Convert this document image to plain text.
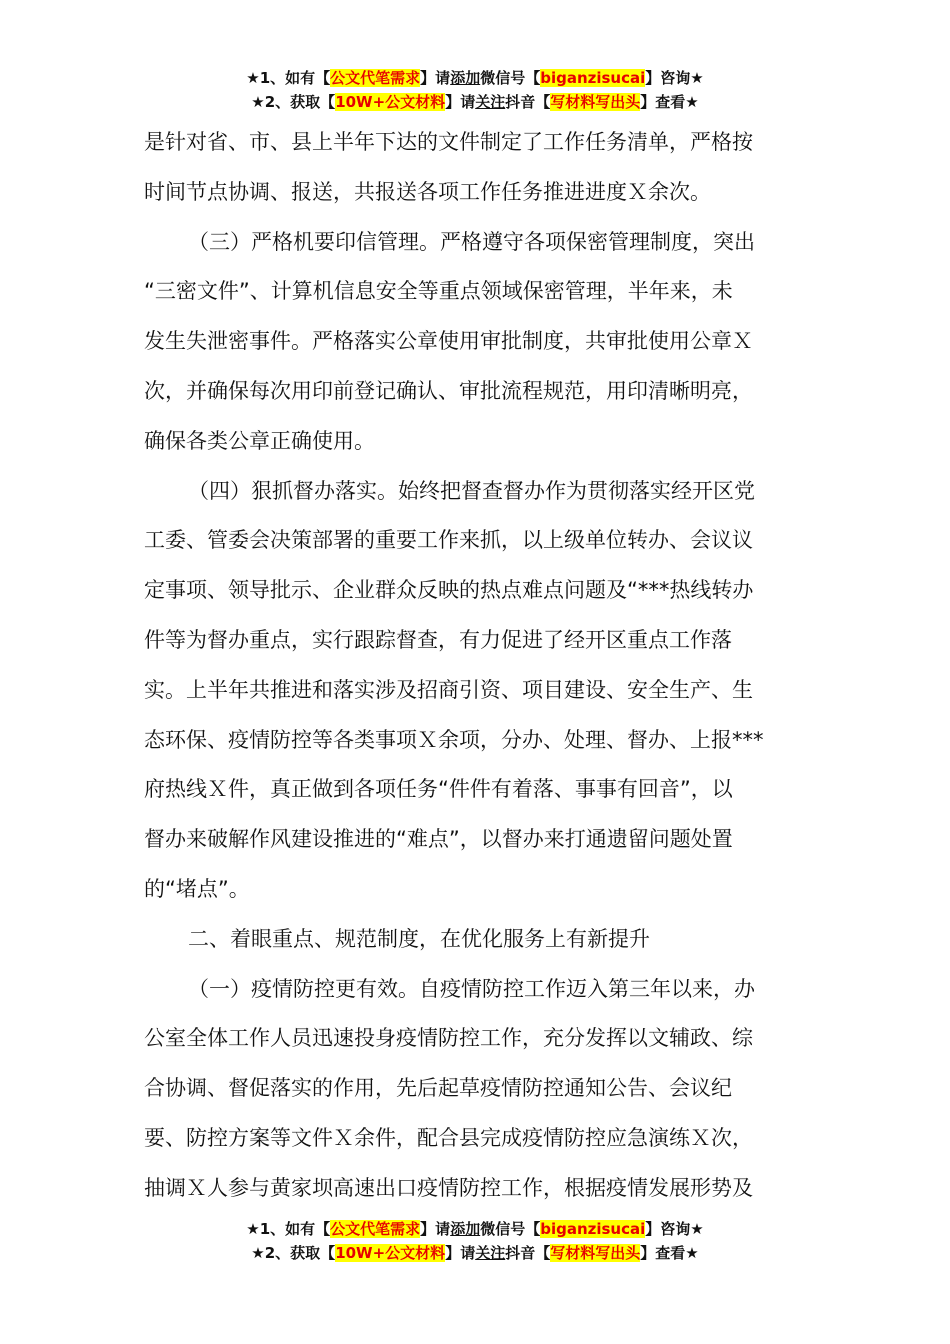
★1、如有【公文代笔需求】请添加微信号【biganzisucai】咨询★
★2、获取【10W+公文材料】请关注抖音【写材料写出头】查看★

是针对省、市、县上半年下达的文件制定了工作任务清单，严格按
时间节点协调、报送，共报送各项工作任务推进进度Ｘ余次。

（三）严格机要印信管理。严格遵守各项保密管理制度，突出
“三密文件”、计算机信息安全等重点领域保密管理，半年来，未
发生失泄密事件。严格落实公章使用审批制度，共审批使用公章Ｘ
次，并确保每次用印前登记确认、审批流程规范，用印清晰明亮，
确保各类公章正确使用。

（四）狠抓督办落实。始终把督查督办作为贯彻落实经开区党
工委、管委会决策部署的重要工作来抓，以上级单位转办、会议议
定事项、领导批示、企业群众反映的热点难点问题及“***热线转办
件等为督办重点，实行跟踪督查，有力促进了经开区重点工作落
实。上半年共推进和落实涉及招商引资、项目建设、安全生产、生
态环保、疫情防控等各类事项Ｘ余项，分办、处理、督办、上报***
府热线Ｘ件，真正做到各项任务“件件有着落、事事有回音”，以
督办来破解作风建设推进的“难点”，以督办来打通遗留问题处置
的“堵点”。

二、着眼重点、规范制度，在优化服务上有新提升

（一）疫情防控更有效。自疫情防控工作迈入第三年以来，办
公室全体工作人员迅速投身疫情防控工作，充分发挥以文辅政、综
合协调、督促落实的作用，先后起草疫情防控通知公告、会议纪
要、防控方案等文件Ｘ余件，配合县完成疫情防控应急演练Ｘ次，
抽调Ｘ人参与黄家坝高速出口疫情防控工作，根据疫情发展形势及

★1、如有【公文代笔需求】请添加微信号【biganzisucai】咨询★
★2、获取【10W+公文材料】请关注抖音【写材料写出头】查看★
